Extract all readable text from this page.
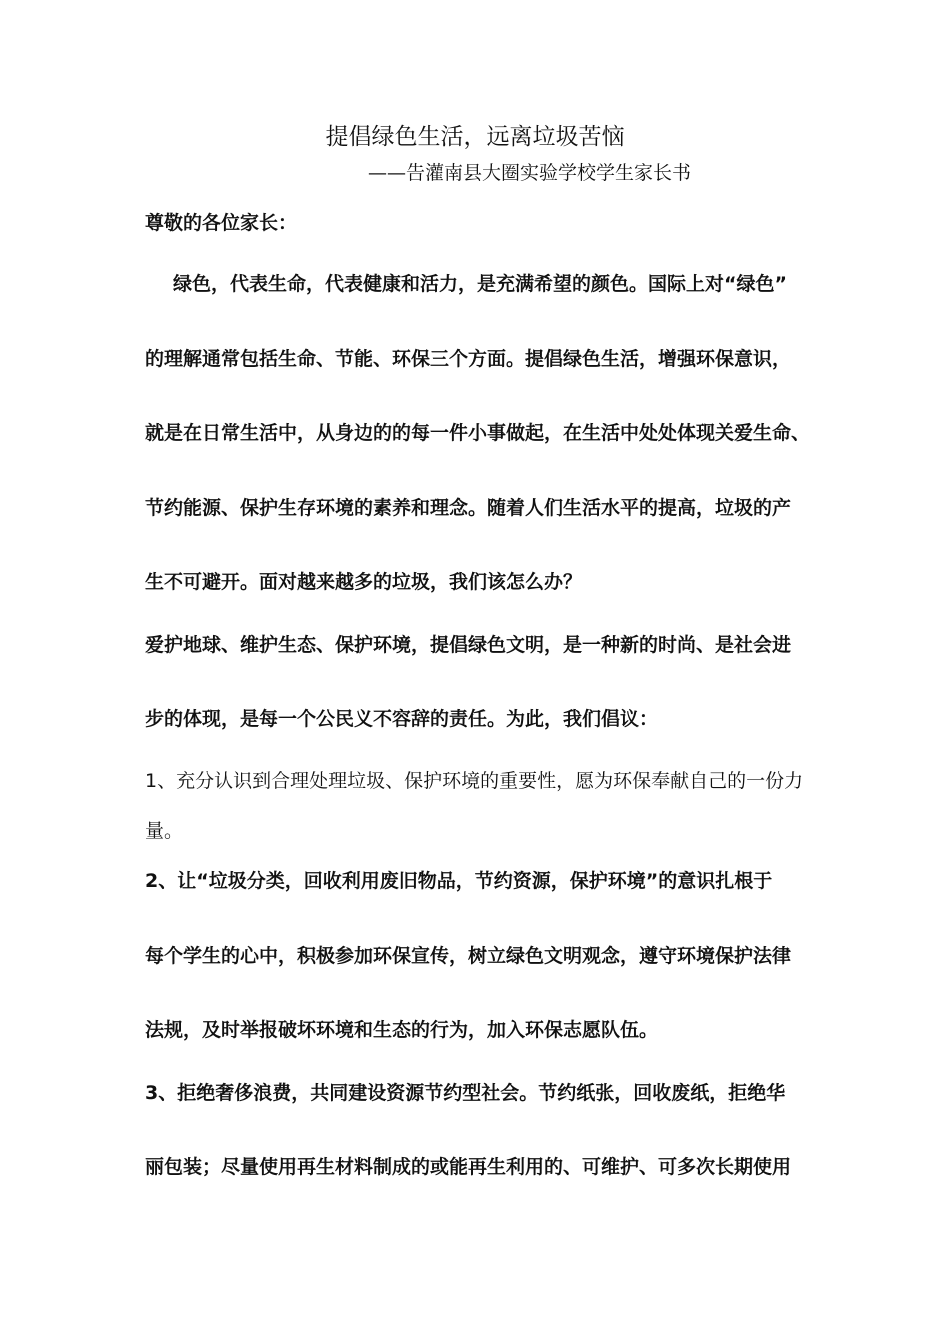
提倡绿色生活，远离垃圾苦恼
——告灌南县大圈实验学校学生家长书
尊敬的各位家长：
绿色，代表生命，代表健康和活力，是充满希望的颜色。国际上对“绿色”
的理解通常包括生命、节能、环保三个方面。提倡绿色生活，增强环保意识，
就是在日常生活中，从身边的的每一件小事做起，在生活中处处体现关爱生命、
节约能源、保护生存环境的素养和理念。随着人们生活水平的提高，垃圾的产
生不可避开。面对越来越多的垃圾，我们该怎么办？
爱护地球、维护生态、保护环境，提倡绿色文明，是一种新的时尚、是社会进
步的体现，是每一个公民义不容辞的责任。为此，我们倡议：
1、充分认识到合理处理垃圾、保护环境的重要性，愿为环保奉献自己的一份力
量。
2、让“垃圾分类，回收利用废旧物品，节约资源，保护环境”的意识扎根于
每个学生的心中，积极参加环保宣传，树立绿色文明观念，遵守环境保护法律
法规，及时举报破坏环境和生态的行为，加入环保志愿队伍。
3、拒绝奢侈浪费，共同建设资源节约型社会。节约纸张，回收废纸，拒绝华
丽包装；尽量使用再生材料制成的或能再生利用的、可维护、可多次长期使用
